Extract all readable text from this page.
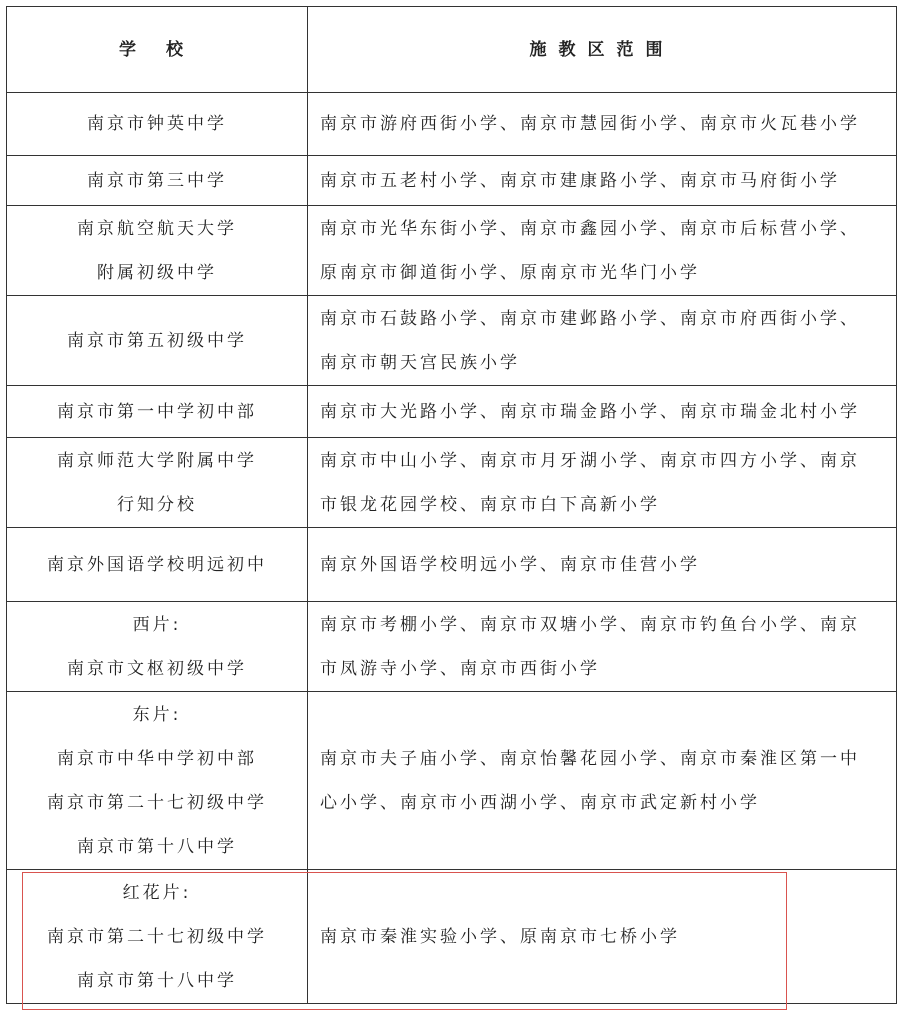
学 校	施教区范围

南京市钟英中学	南京市游府西街小学、南京市慧园街小学、南京市火瓦巷小学

南京市第三中学	南京市五老村小学、南京市建康路小学、南京市马府街小学

南京航空航天大学
附属初级中学	南京市光华东街小学、南京市鑫园小学、南京市后标营小学、
原南京市御道街小学、原南京市光华门小学

南京市第五初级中学	南京市石鼓路小学、南京市建邺路小学、南京市府西街小学、
南京市朝天宫民族小学

南京市第一中学初中部	南京市大光路小学、南京市瑞金路小学、南京市瑞金北村小学

南京师范大学附属中学
行知分校	南京市中山小学、南京市月牙湖小学、南京市四方小学、南京
市银龙花园学校、南京市白下高新小学

南京外国语学校明远初中	南京外国语学校明远小学、南京市佳营小学

西片:
南京市文枢初级中学	南京市考棚小学、南京市双塘小学、南京市钓鱼台小学、南京
市凤游寺小学、南京市西街小学

东片:
南京市中华中学初中部
南京市第二十七初级中学
南京市第十八中学	南京市夫子庙小学、南京怡馨花园小学、南京市秦淮区第一中
心小学、南京市小西湖小学、南京市武定新村小学

红花片:
南京市第二十七初级中学
南京市第十八中学	南京市秦淮实验小学、原南京市七桥小学
